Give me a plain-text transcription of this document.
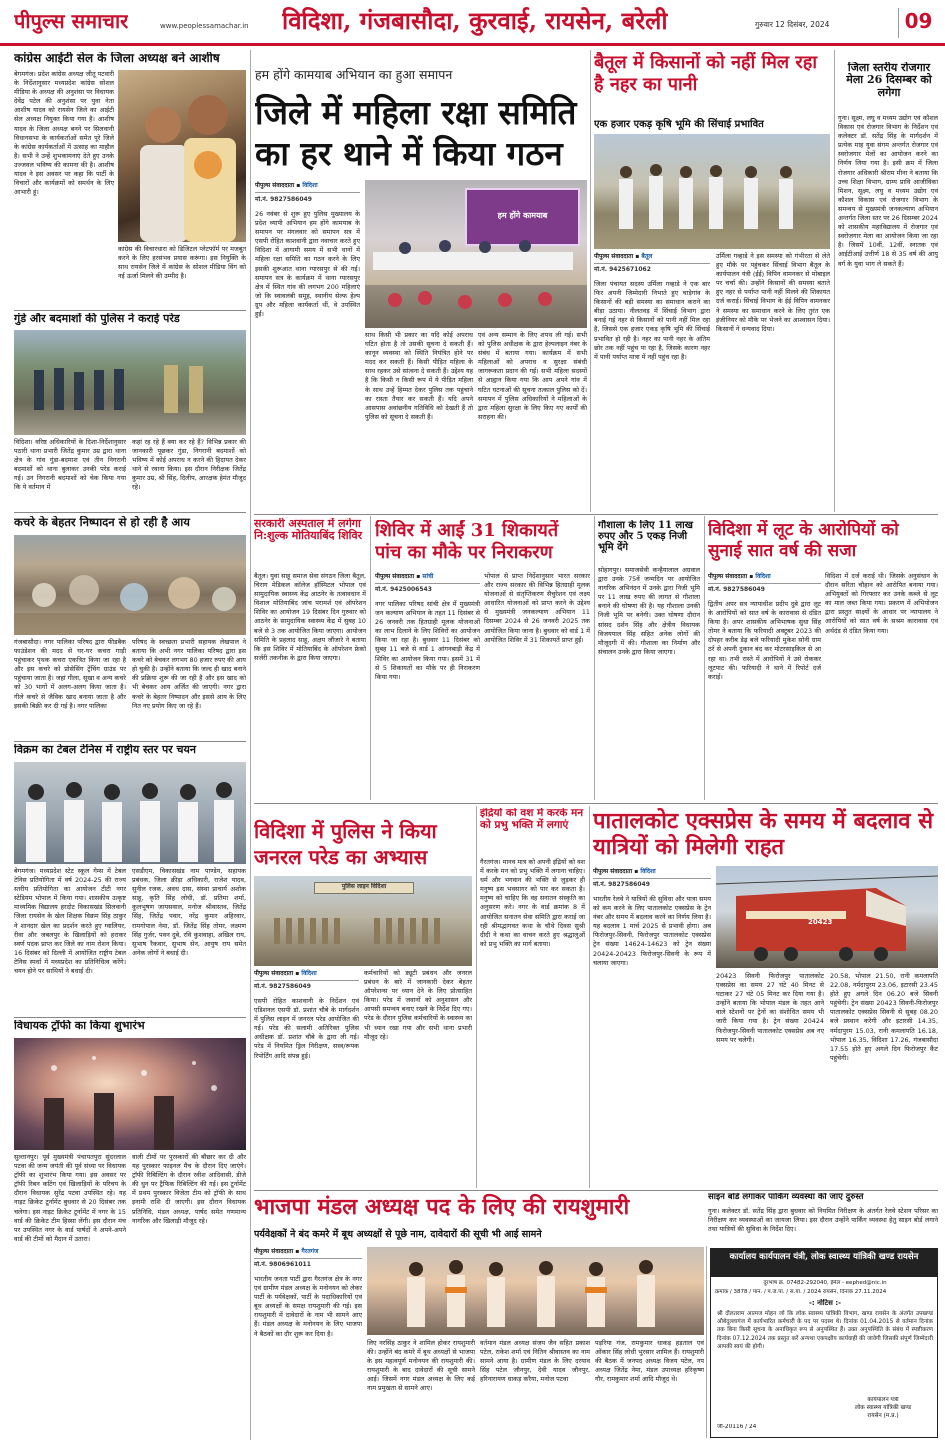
पीपुल्स समाचार	www.peoplessamachar.in विदिशा, गंजबासौदा, कुरवाई, रायसेन, बरेली	गुरुवार 12 दिसंबर, 2024	09
कांग्रेस आईटी सेल के जिला अध्यक्ष बने आशीष
बेगमगंज। प्रदेश कांग्रेस अध्यक्ष जीतू पटवारी के निर्देशानुसार मध्यप्रदेश कांग्रेस सोशल मीडिया के अध्यक्ष की अनुशंसा पर विधायक देवेंद्र पटेल की अनुशंसा पर युवा नेता आशीष यादव को रायसेन जिले का आईटी सेल अध्यक्ष नियुक्त किया गया है। आशीष यादव के जिला अध्यक्ष बनने पर सिलवानी विधानसभा के कार्यकर्ताओं समेत पूरे जिले के कांग्रेस कार्यकर्ताओं में उत्साह का माहौल है। सभी ने उन्हें शुभकामनाएं देते हुए उनके उज्जवल भविष्य की कामना की है। आशीष यादव ने इस अवसर पर कहा कि पार्टी के विचारों और कार्यक्रमों को समर्थन के लिए आभारी हूं।
कांग्रेस की विचारधारा को डिजिटल प्लेटफॉर्म पर मजबूत करने के लिए हरसंभव प्रयास करूंगा। इस नियुक्ति के साथ रायसेन जिले में कांग्रेस के सोशल मीडिया विंग को नई ऊर्जा मिलने की उम्मीद है।
गुंडे और बदमाशों की पुलिस ने कराई परेड
विदिशा। वरिष्ठ अधिकारियों के दिशा-निर्देशानुसार पठारी थाना प्रभारी जितेंद्र कुमार उम्र द्वारा थाना क्षेत्र के गांव गुंडा-बदमाश एवं तीन निगरानी बदमाशों को थाना बुलाकर उनकी परेड कराई गई। उन निगरानी बदमाशों को चेक किया गया कि ये वर्तमान में
कहां रह रहे हैं क्या कर रहे हैं? विभिन्न प्रकार की जानकारी पूछकर गुंडा, निगरानी बदमाशों को भविष्य में कोई अपराध न करने की हिदायत देकर थाने से रवाना किया। इस दौरान निरीक्षक जितेंद्र कुमार उम्र, श्री सिंह, दिलीप, आरक्षक हेमंत मौजूद रहे।
कचरे के बेहतर निष्पादन से हो रही है आय
गंजबासौदा। नगर पालिका परिषद द्वारा फीडबैक फाउंडेशन की मदद से घर-घर कचरा गाड़ी पहुंचाकर पृथक कचरा एकत्रित किया जा रहा है और इस कचरे को प्रोसेसिंग ट्रेंचिंग ग्राउंड पर पहुंचाया जाता है। जहां गीला, सूखा व अन्य कचरे को 30 भागों में अलग-अलग किया जाता है। गीले कचरे से जैविक खाद बनाया जाता है और इसकी बिक्री कर दी गई है। नगर पालिका
परिषद के स्वच्छता प्रभारी सहायक लेखपाल ने बताया कि अभी नगर पालिका परिषद द्वारा इस कचरे को बेचकर लगभग 80 हजार रुपए की आय हो चुकी है। उन्होंने बताया कि जल्द ही खाद बनाने की प्रक्रिया शुरू की जा रही है और इस खाद को भी बेचकर आय अर्जित की जाएगी। नगर द्वारा कचरे के बेहतर निष्पादन और इससे आय के लिए नित नए प्रयोग किए जा रहे हैं।
विक्रम का टेबल टेनिस में राष्ट्रीय स्तर पर चयन
बेगमगंज। मध्यप्रदेश स्टेट स्कूल गेम्स में टेबल टेनिस प्रतियोगिता में वर्ष 2024-25 की राज्य स्तरीय प्रतियोगिता का आयोजन टीटी नगर स्टेडियम भोपाल में किया गया। शासकीय उत्कृष्ट माध्यमिक विद्यालय हरदोट विकासखंड सिलवानी जिला रायसेन के खेल शिक्षक विक्रम सिंह ठाकुर ने शानदार खेल का प्रदर्शन करते हुए ग्वालियर, रीवा और जबलपुर के खिलाड़ियों को हराकर स्वर्ण पदक प्राप्त कर जिले का नाम रोशन किया। 16 दिसंबर को दिल्ली में आयोजित राष्ट्रीय टेबल टेनिस स्पर्धा में मध्यप्रदेश का प्रतिनिधित्व करेंगे। चयन होने पर साथियों ने बधाई दी।
एसडीएम, विकासखंड नाम पाण्डेय, सहायक प्रबंधक, जिला क्रीड़ा अधिकारी, राजेश यादव, सुनील रजक, अवध दास, संस्था प्राचार्य अशोक साहू, कृति सिंह लोधी, डॉ. प्रतिमा शर्मा, कुलभूषण जायसवाल, मनोज श्रीवास्तव, जितेंद्र सिंह, जितेंद्र पवार, नरेंद्र कुमार अहिरवार, रामगोपाल नेमा, डॉ. जितेंद्र सिंह तोमर, लक्ष्मण सिंह गुर्जर, पवन दुबे, रवि कुशवाहा, अखिल राय, सुभाष रैकवार, सुभाष सेन, आयुष राय समेत अनेक लोगों ने बधाई दी।
विधायक ट्रॉफी का किया शुभारंभ
सुल्तानपुर। पूर्व मुख्यमंत्री पंचायतपुरा सुंदरलाल पटवा की जन्म जयंती की पूर्व संध्या पर विधायक ट्रॉफी का शुभारंभ किया गया। इस अवसर पर ट्रॉफी रिबन कटिंग एवं खिलाड़ियों के परिचय के दौरान विधायक सुरेंद्र पटवा उपस्थित रहे। यह नाइट क्रिकेट टूर्नामेंट बुधवार से 20 दिसंबर तक चलेगा। इस नाइट क्रिकेट टूर्नामेंट में नगर के 15 वार्ड की क्रिकेट टीम हिस्सा लेंगी। इस दौरान मंच पर उपस्थित नगर के वार्ड पार्षदों ने अपने-अपने वार्ड की टीमों को मैदान में उतारा।
वाली टीमों पर पुरस्कारों की बौछार कर दी और यह पुरस्कार फाइनल मैच के दौरान दिए जाएंगे। ट्रॉफी रिबिल्टिंग के दौरान रवीश आदिवासी, डीजे की धुन पर ट्रैफिक रिबिल्टिंग की गई। इस टूर्नामेंट में प्रथम पुरस्कार विजेता टीम को ट्रॉफी के साथ इनामी राशि दी जाएगी। इस दौरान विधायक प्रतिनिधि, मंडल अध्यक्ष, पार्षद समेत गणमान्य नागरिक और खिलाड़ी मौजूद रहे।
हम होंगे कामयाब अभियान का हुआ समापन
जिले में महिला रक्षा समिति का हर थाने में किया गठन
पीपुल्स संवाददाता ▪ विदिशा
मो.नं. 9827586049
26 नवंबर से शुरू हुए पुलिस मुख्यालय के प्रदेश व्यापी अभियान हम होंगे कामयाब के समापन पर मंगलवार को समापन सत्र में एसपी रोहित काशवानी द्वारा नवाचार करते हुए विदिशा में आगामी समय में सभी थानों में महिला रक्षा समिति का गठन करने के लिए इसकी शुरूआत थाना ग्यारसपुर से की गई। समापन सत्र के कार्यक्रम में थाना ग्यारसपुर क्षेत्र में स्थित गांव की लगभग 200 महिलाएं जो कि स्वावलंबी समूह, स्थानीय सेल्फ हेल्प ग्रुप और महिला कार्यकर्ता थीं, वे उपस्थित हुईं।
हम होंगे कामयाब
साथ किसी भी प्रकार का यदि कोई अपराध घटित होता है तो उसकी सूचना दे सकती हैं। कानून व्यवस्था को स्थिति नियंत्रित होने पर मदद कर सकती हैं। किसी पीड़ित महिला के साथ रहकर उसे सांत्वना दे सकती हैं। उद्देश्य यह है कि किसी न किसी रूप में ये पीड़ित महिला के साथ उन्हें हिम्मत देकर पुलिस तक पहुंचाने का रास्ता तैयार कर सकती हैं। यदि अपने आसपास अवांछनीय गतिविधि को देखती हैं तो पुलिस को सूचना दे सकती हैं।
एवं अन्य सम्मान के लिए शपथ ली गई। सभी को पुलिस अधीक्षक के द्वारा हेल्पलाइन नंबर के संबंध में बताया गया। कार्यक्रम में सभी महिलाओं को अपराध व सुरक्षा संबंधी जागरूकता प्रदान की गई। सभी महिला सदस्यों से आह्वान किया गया कि आप अपने गांव में घटित घटनाओं की सूचना तत्काल पुलिस को दें। समापन में पुलिस अधिकारियों ने महिलाओं के द्वारा महिला सुरक्षा के लिए किए गए कार्यों की सराहना की।
बैतूल में किसानों को नहीं मिल रहा है नहर का पानी
एक हजार एकड़ कृषि भूमि की सिंचाई प्रभावित
पीपुल्स संवाददाता ▪ बैतूल
मो.नं. 9425671062
जिला पंचायत सदस्य उर्मिला गव्हाडे ने एक बार फिर अपनी जिम्मेदारी निभाते हुए चाड़ेगांव के किसानों की बड़ी समस्या का समाधान कराने का बीड़ा उठाया। नीलतवड़ में सिंचाई विभाग द्वारा बनाई गई नहर से किसानों को पानी नहीं मिल रहा है, जिससे एक हजार एकड़ कृषि भूमि की सिंचाई प्रभावित हो रही है। नहर का पानी नहर के अंतिम छोर तक नहीं पहुंच पा रहा है, जिसके कारण नहर में पानी पर्याप्त मात्रा में नहीं पहुंच रहा है।
उर्मिला गव्हाडे ने इस समस्या को गंभीरता से लेते हुए मौके पर पहुंचकर सिंचाई विभाग बैतूल के कार्यपालन यंत्री (ईई) विपिन वामनकर से मोबाइल पर चर्चा की। उन्होंने किसानों की समस्या बताते हुए नहर से पर्याप्त पानी नहीं मिलने की शिकायत दर्ज कराई। सिंचाई विभाग के ईई विपिन वामनकर ने समस्या का समाधान करने के लिए तुरंत एक इंजीनियर को मौके पर भेजने का आश्वासन दिया। किसानों ने धन्यवाद दिया।
जिला स्तरीय रोजगार मेला 26 दिसम्बर को लगेगा
गुना। सूक्ष्म, लघु व मध्यम उद्योग एवं कौशल विकास एवं रोजगार विभाग के निर्देशन एवं कलेक्टर डॉ. सतेंद्र सिंह के मार्गदर्शन में प्रत्येक माह युवा संगम अन्तर्गत रोजगार एवं स्वरोजगार मेलों का आयोजन करने का निर्णय लिया गया है। इसी क्रम में जिला रोजगार अधिकारी श्रीराम मीना ने बताया कि उच्च शिक्षा विभाग, ग्राम्य प्रावि आजीविका मिशन, सूक्ष्म, लघु व मध्यम उद्योग एवं कौशल विकास एवं रोजगार विभाग के समन्वय से मुख्यमंत्री जनकल्याण अभियान अन्तर्गत जिला स्तर पर 26 दिसम्बर 2024 को शासकीय महाविद्यालय में रोजगार एवं स्वरोजगार मेला का आयोजन किया जा रहा है। जिसमें 10वीं, 12वीं, स्नातक एवं आईटीआई उत्तीर्ण 18 से 35 वर्ष की आयु वर्ग के युवा भाग ले सकते हैं।
सरकारी अस्पताल में लगेगा नि:शुल्क मोतियाबिंद शिविर
बैतूल। युवा साहू समाज सेवा संगठन जिला बैतूल, चिराग मेडिकल कॉलेज हॉस्पिटल भोपाल एवं सामुदायिक स्वास्थ्य केंद्र आठनेर के तत्वावधान में विशाल मोतियाबिंद जांच परामर्श एवं ऑपरेशन शिविर का आयोजन 19 दिसंबर दिन गुरुवार को आठनेर के सामुदायिक स्वास्थ्य केंद्र में सुबह 10 बजे से 3 तक आयोजित किया जाएगा। आयोजन समिति के प्रहलाद साहू, अक्षय जौंजारे ने बताया कि इस शिविर में मोतियाबिंद के ऑपरेशन फ्रेको सर्जरी तकनीक के द्वारा किया जाएगा।
शिविर में आईं 31 शिकायतें पांच का मौके पर निराकरण
पीपुल्स संवाददाता ▪ सांची
मो.नं. 9425006543
नगर पालिका परिषद सांची क्षेत्र में मुख्यमंत्री जन कल्याण अभियान के तहत 11 दिसंबर से 26 जनवरी तक हितग्राही मूलक योजनाओं का लाभ दिलाने के लिए शिविरों का आयोजन किया जा रहा है। बुधवार 11 दिसंबर को सुबह 11 बजे से वार्ड 1 आंगनबाड़ी केंद्र में शिविर का आयोजन किया गया। इसमें 31 में से 5 शिकायतों का मौके पर ही निराकरण किया गया।
भोपाल से प्राप्त निर्देशानुसार भारत सरकार और राज्य सरकार की विभिन्न हितग्राही मूलक योजनाओं से संतृप्तिकरण सैचुरेशन एवं लक्ष्य आधारित योजनाओं को प्राप्त करने के उद्देश्य से मुख्यमंत्री जनकल्याण अभियान 11 दिसम्बर 2024 से 26 जनवरी 2025 तक आयोजित किया जाना है। बुधवार को वार्ड 1 में आयोजित शिविर में 31 शिकायतें प्राप्त हुईं।
गौशाला के लिए 11 लाख रुपए और 5 एकड़ निजी भूमि देंगे
सोहागपुर। समाजसेवी कन्हैयालाल अग्रवाल द्वारा उनके 75वें जन्मदिन पर आयोजित नागरिक अभिनंदन में उनके द्वारा निजी भूमि पर 11 लाख रुपए की लागत से गौशाला बनाने की घोषणा की है। यह गौशाला उनकी निजी भूमि पर बनेगी। उक्त घोषणा दौरान सांसद दर्शन सिंह और क्षेत्रीय विधायक विजयपाल सिंह सहित अनेक लोगों की मौजूदगी में की। गौशाला का निर्माण और संचालन उनके द्वारा किया जाएगा।
विदिशा में लूट के आरोपियों को सुनाई सात वर्ष की सजा
पीपुल्स संवाददाता ▪ विदिशा
मो.नं. 9827586049
द्वितीय अपर सत्र न्यायाधीश प्रदीप दुबे द्वारा लूट के आरोपियों को सात वर्ष के कारावास से दंडित किया है। अपर शासकीय अभिभाषक सुधा सिंह तोमर ने बताया कि फरियादी अक्टूबर 2023 की दोपहर करीब डेढ़ बजे फरियादी मुकेश सोनी ग्राम ठर्र से अपनी दुकान बंद कर मोटरसाइकिल से आ रहा था। तभी रास्ते में आरोपियों ने उसे रोककर लूटपाट की। फरियादी ने थाने में रिपोर्ट दर्ज कराई।
विदिशा में दर्ज कराई थी। जिसके अनुसंधान के दौरान सरिता चौहान को आरोपित बनाया गया। अभियुक्तों को गिरफ्तार कर उनके कब्जे से लूट का माल जब्त किया गया। प्रकरण में अभियोजन द्वारा प्रस्तुत साक्ष्यों के आधार पर न्यायालय ने आरोपियों को सात वर्ष के सश्रम कारावास एवं अर्थदंड से दंडित किया गया।
विदिशा में पुलिस ने किया जनरल परेड का अभ्यास
पुलिस लाइन विदिशा
पीपुल्स संवाददाता ▪ विदिशा
मो.नं. 9827586049
एसपी रोहित काशवानी के निर्देशन एवं एडिशनल एसपी डॉ. प्रशांत चौबे के मार्गदर्शन में पुलिस लाइन में जनरल परेड आयोजित की गई। परेड की सलामी अतिरिक्त पुलिस अधीक्षक डॉ. प्रशांत चौबे के द्वारा ली गई। परेड में नियमित ड्रिल निरीक्षण, सस्त्र/रूपक रिपोर्टिंग आदि संपन्न हुई।
कर्मचारियों को ड्यूटी प्रबंधन और जनरल प्रबंधन के बारे में जानकारी देकर बेहतर ऑपरेशन्स पर ध्यान देने के लिए प्रोत्साहित किया। परेड में जवानों को अनुशासन और आपसी समन्वय बनाए रखने के निर्देश दिए गए। परेड के दौरान पुलिस कर्मचारियों के स्वास्थ्य का भी ध्यान रखा गया और सभी थाना प्रभारी मौजूद रहे।
इंद्रियों को वश में करके मन को प्रभु भक्ति में लगाएं
गैरतगंज। मानव मात्र को अपनी इंद्रियों को वश में करके मन को प्रभु भक्ति में लगाना चाहिए। धर्म और भगवान की भक्ति से जुड़कर ही मनुष्य इस भवसागर को पार कर सकता है। मनुष्य को चाहिए कि वह सनातन संस्कृति का अनुसरण करे। नगर के वार्ड क्रमांक 8 में आयोजित सनातन सेवा समिति द्वारा कराई जा रही श्रीमद्भागवत कथा के चौथे दिवस सुश्री दीदी ने कथा का वाचन करते हुए श्रद्धालुओं को प्रभु भक्ति का मार्ग बताया।
पातालकोट एक्सप्रेस के समय में बदलाव से यात्रियों को मिलेगी राहत
पीपुल्स संवाददाता ▪ विदिशा
मो.नं. 9827586049
भारतीय रेलवे ने यात्रियों की सुविधा और यात्रा समय को कम करने के लिए पातालकोट एक्सप्रेस के ट्रेन नंबर और समय में बदलाव करने का निर्णय लिया है। यह बदलाव 1 मार्च 2025 से प्रभावी होगा। अब फिरोजपुर-सिवनी, फिरोजपुर पातालकोट एक्सप्रेस ट्रेन संख्या 14624-14623 को ट्रेन संख्या 20424-20423 फिरोजपुर-सिवनी के रूप में चलाया जाएगा।
20423
20423 सिवनी फिरोजपुर पातालकोट एक्सप्रेस का समय 27 घंटे 40 मिनट से घटाकर 27 घंटे 05 मिनट कर दिया गया है। उन्होंने बताया कि भोपाल मंडल के तहत आने वाले स्टेशनों पर ट्रेनों का संशोधित समय भी जारी किया गया है। ट्रेन संख्या 20424 फिरोजपुर-सिवनी पातालकोट एक्सप्रेस अब नए समय पर चलेगी।
20.58, भोपाल 21.50, रानी कमलापति 22.08, नर्मदापुरम 23.06, इटारसी 23.45 होते हुए अगले दिन 06.20 बजे सिवनी पहुंचेगी। ट्रेन संख्या 20423 सिवनी-फिरोजपुर पातालकोट एक्सप्रेस सिवनी से सुबह 08.20 बजे प्रस्थान करेगी और इटारसी 14.35, नर्मदापुरम 15.03, रानी कमलापति 16.18, भोपाल 16.35, विदिशा 17.26, गंजबासौदा 17.55 होते हुए अगले दिन फिरोजपुर कैंट पहुंचेगी।
साइन बोर्ड लगाकर पार्किंग व्यवस्था की जाए दुरुस्त
गुना। कलेक्टर डॉ. सतेंद्र सिंह द्वारा बुधवार को नियमित निरीक्षण के अंतर्गत रेलवे स्टेशन परिसर का निरीक्षण कर व्यवस्थाओं का जायजा लिया। इस दौरान उन्होंने पार्किंग व्यवस्था हेतु साइन बोर्ड लगाने तथा यात्रियों की सुविधा के निर्देश दिए।
भाजपा मंडल अध्यक्ष पद के लिए की रायशुमारी
पर्यवेक्षकों ने बंद कमरे में बूथ अध्यक्षों से पूछे नाम, दावेदारों की सूची भी आई सामने
पीपुल्स संवाददाता ▪ गैरतगंज
मो.नं. 9806961011
भारतीय जनता पार्टी द्वारा गैरतगंज क्षेत्र के नगर एवं ग्रामीण मंडल अध्यक्ष के मनोनयन को लेकर पार्टी के पर्यवेक्षकों, पार्टी के पदाधिकारियों एवं बूथ अध्यक्षों के समक्ष रायशुमारी की गई। इस रायशुमारी में दावेदारों के नाम भी सामने आए हैं। मंडल अध्यक्ष के मनोनयन के लिए भाजपा ने बैठकों का दौर शुरू कर दिया है।
लिए नरसिंह ठाकुर ने शामिल होकर रायशुमारी की। उन्होंने बंद कमरे में बूथ अध्यक्षों से भाजपा के इस महत्वपूर्ण मनोनयन की रायशुमारी की। रायशुमारी के बाद दावेदारों की सूची सामने आई। जिसमें नगर मंडल अध्यक्ष के लिए कई नाम प्रमुखता से सामने आए।
वर्तमान मंडल अध्यक्ष संजय जैन सहित प्रकाश पटेल, राकेश शर्मा एवं नितिन श्रीवास्तव का नाम सामने आया है। ग्रामीण मंडल के लिए दरयाव सिंह पटेल जौनपुर, देवी यादव जौनपुर, हरिनारायण धाकड़ करैया, मनोज पटवा
पड़रिया गंज, रामकुमार धाकड़ हड़ताल एवं ओंकार सिंह लोधी भुरसार शामिल हैं। रायशुमारी की बैठक में जनपद अध्यक्ष विजय पटेल, नप अध्यक्ष जितेंद्र नेमा, मंडल उपाध्यक्ष हरिकृष्ण गौर, रामकुमार शर्मा आदि मौजूद थे।
कार्यालय कार्यपालन यंत्री, लोक स्वास्थ्य यांत्रिकी खण्ड रायसेन
दूरभाष क्र. 07482-292040, ईमेल - eephed@nic.in
क्रमांक / 3878 / पान. / प.ज.पा. / स.यां. / 2024 रायसेन, दिनांक 27.11.2024
-: नोटिस :-
श्री दौलतराम आत्मज मोहन जो कि लोक स्वास्थ्य यांत्रिकी विभाग, खण्ड रायसेन के अंतर्गत उपखण्ड औबेदुल्लागंज में कार्यभारित कर्मचारी के पद पर पदस्थ थे। दिनांक 01.04.2015 से वर्तमान दिनांक तक बिना किसी सूचना के अनाधिकृत रूप से अनुपस्थित हैं। उक्त अनुपस्थिति के संबंध में स्पष्टीकरण दिनांक 07.12.2024 तक प्रस्तुत करें अन्यथा एकपक्षीय कार्यवाही की जावेगी जिसकी संपूर्ण जिम्मेदारी आपकी स्वयं की होगी।
कार्यपालन यंत्री
लोक स्वास्थ्य यांत्रिकी खण्ड
रायसेन (म.प्र.)
जी-20116 / 24
